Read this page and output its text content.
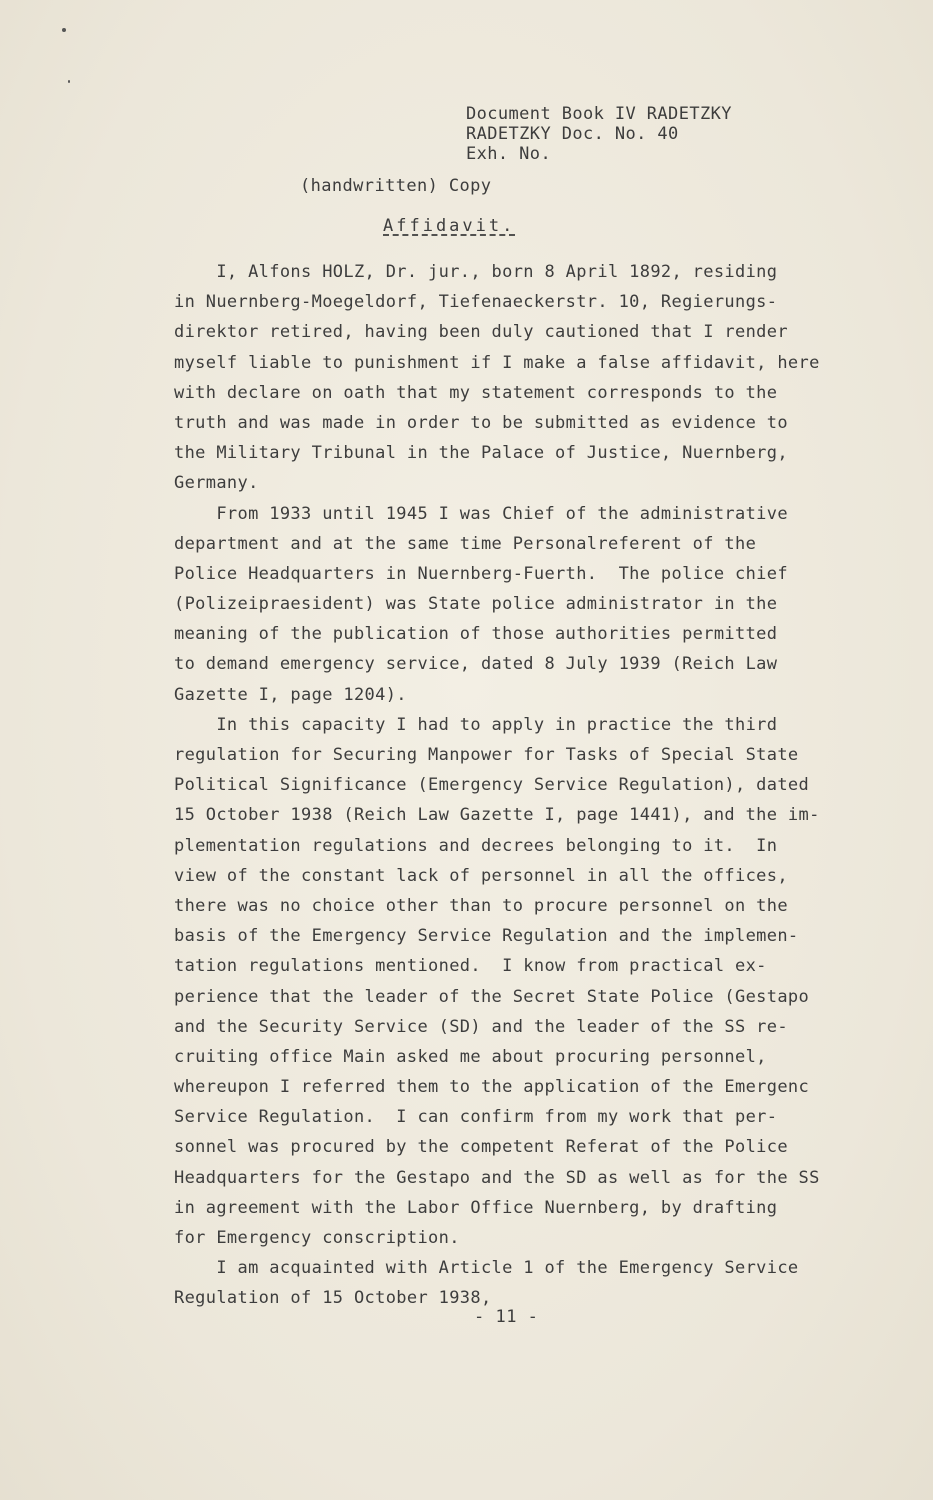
Document Book IV RADETZKY
RADETZKY Doc. No. 40
Exh. No.
(handwritten) Copy
Affidavit.
I, Alfons HOLZ, Dr. jur., born 8 April 1892, residing
in Nuernberg-Moegeldorf, Tiefenaeckerstr. 10, Regierungs-
direktor retired, having been duly cautioned that I render
myself liable to punishment if I make a false affidavit, here
with declare on oath that my statement corresponds to the
truth and was made in order to be submitted as evidence to
the Military Tribunal in the Palace of Justice, Nuernberg,
Germany.
From 1933 until 1945 I was Chief of the administrative
department and at the same time Personalreferent of the
Police Headquarters in Nuernberg-Fuerth.  The police chief
(Polizeipraesident) was State police administrator in the
meaning of the publication of those authorities permitted
to demand emergency service, dated 8 July 1939 (Reich Law
Gazette I, page 1204).
In this capacity I had to apply in practice the third
regulation for Securing Manpower for Tasks of Special State
Political Significance (Emergency Service Regulation), dated
15 October 1938 (Reich Law Gazette I, page 1441), and the im-
plementation regulations and decrees belonging to it.  In
view of the constant lack of personnel in all the offices,
there was no choice other than to procure personnel on the
basis of the Emergency Service Regulation and the implemen-
tation regulations mentioned.  I know from practical ex-
perience that the leader of the Secret State Police (Gestapo
and the Security Service (SD) and the leader of the SS re-
cruiting office Main asked me about procuring personnel,
whereupon I referred them to the application of the Emergenc
Service Regulation.  I can confirm from my work that per-
sonnel was procured by the competent Referat of the Police
Headquarters for the Gestapo and the SD as well as for the SS
in agreement with the Labor Office Nuernberg, by drafting
for Emergency conscription.
I am acquainted with Article 1 of the Emergency Service
Regulation of 15 October 1938,
- 11 -
